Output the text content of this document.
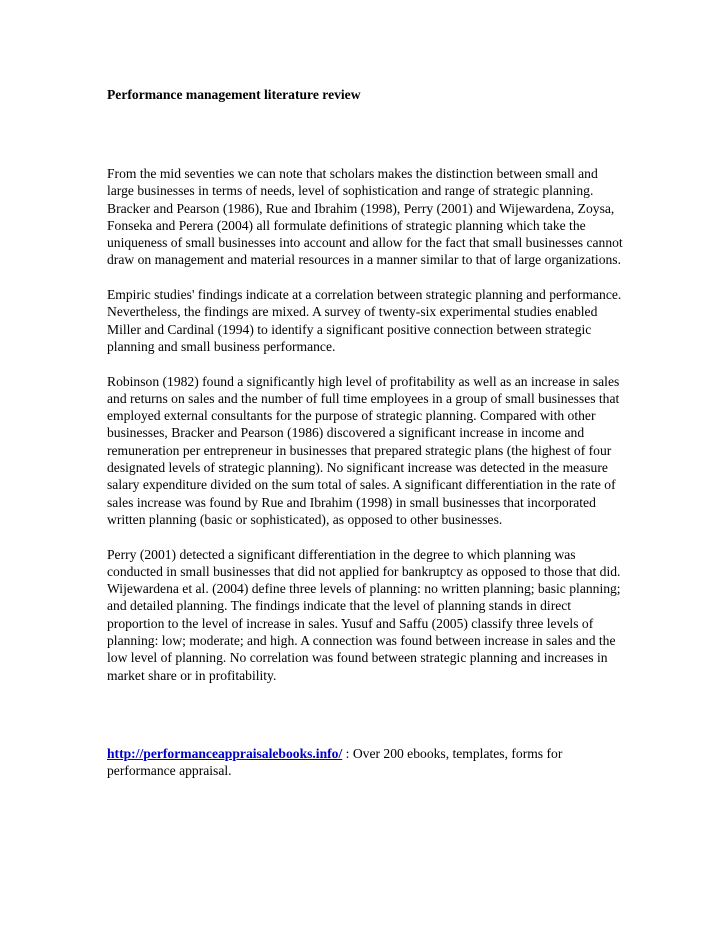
Performance management literature review

From the mid seventies we can note that scholars makes the distinction between small and large businesses in terms of needs, level of sophistication and range of strategic planning. Bracker and Pearson (1986), Rue and Ibrahim (1998), Perry (2001) and Wijewardena, Zoysa, Fonseka and Perera (2004) all formulate definitions of strategic planning which take the uniqueness of small businesses into account and allow for the fact that small businesses cannot draw on management and material resources in a manner similar to that of large organizations.

Empiric studies' findings indicate at a correlation between strategic planning and performance. Nevertheless, the findings are mixed. A survey of twenty-six experimental studies enabled Miller and Cardinal (1994) to identify a significant positive connection between strategic planning and small business performance.

Robinson (1982) found a significantly high level of profitability as well as an increase in sales and returns on sales and the number of full time employees in a group of small businesses that employed external consultants for the purpose of strategic planning. Compared with other businesses, Bracker and Pearson (1986) discovered a significant increase in income and remuneration per entrepreneur in businesses that prepared strategic plans (the highest of four designated levels of strategic planning). No significant increase was detected in the measure salary expenditure divided on the sum total of sales. A significant differentiation in the rate of sales increase was found by Rue and Ibrahim (1998) in small businesses that incorporated written planning (basic or sophisticated), as opposed to other businesses.

Perry (2001) detected a significant differentiation in the degree to which planning was conducted in small businesses that did not applied for bankruptcy as opposed to those that did. Wijewardena et al. (2004) define three levels of planning: no written planning; basic planning; and detailed planning. The findings indicate that the level of planning stands in direct proportion to the level of increase in sales. Yusuf and Saffu (2005) classify three levels of planning: low; moderate; and high. A connection was found between increase in sales and the low level of planning. No correlation was found between strategic planning and increases in market share or in profitability.

http://performanceappraisalebooks.info/ : Over 200 ebooks, templates, forms for performance appraisal.
